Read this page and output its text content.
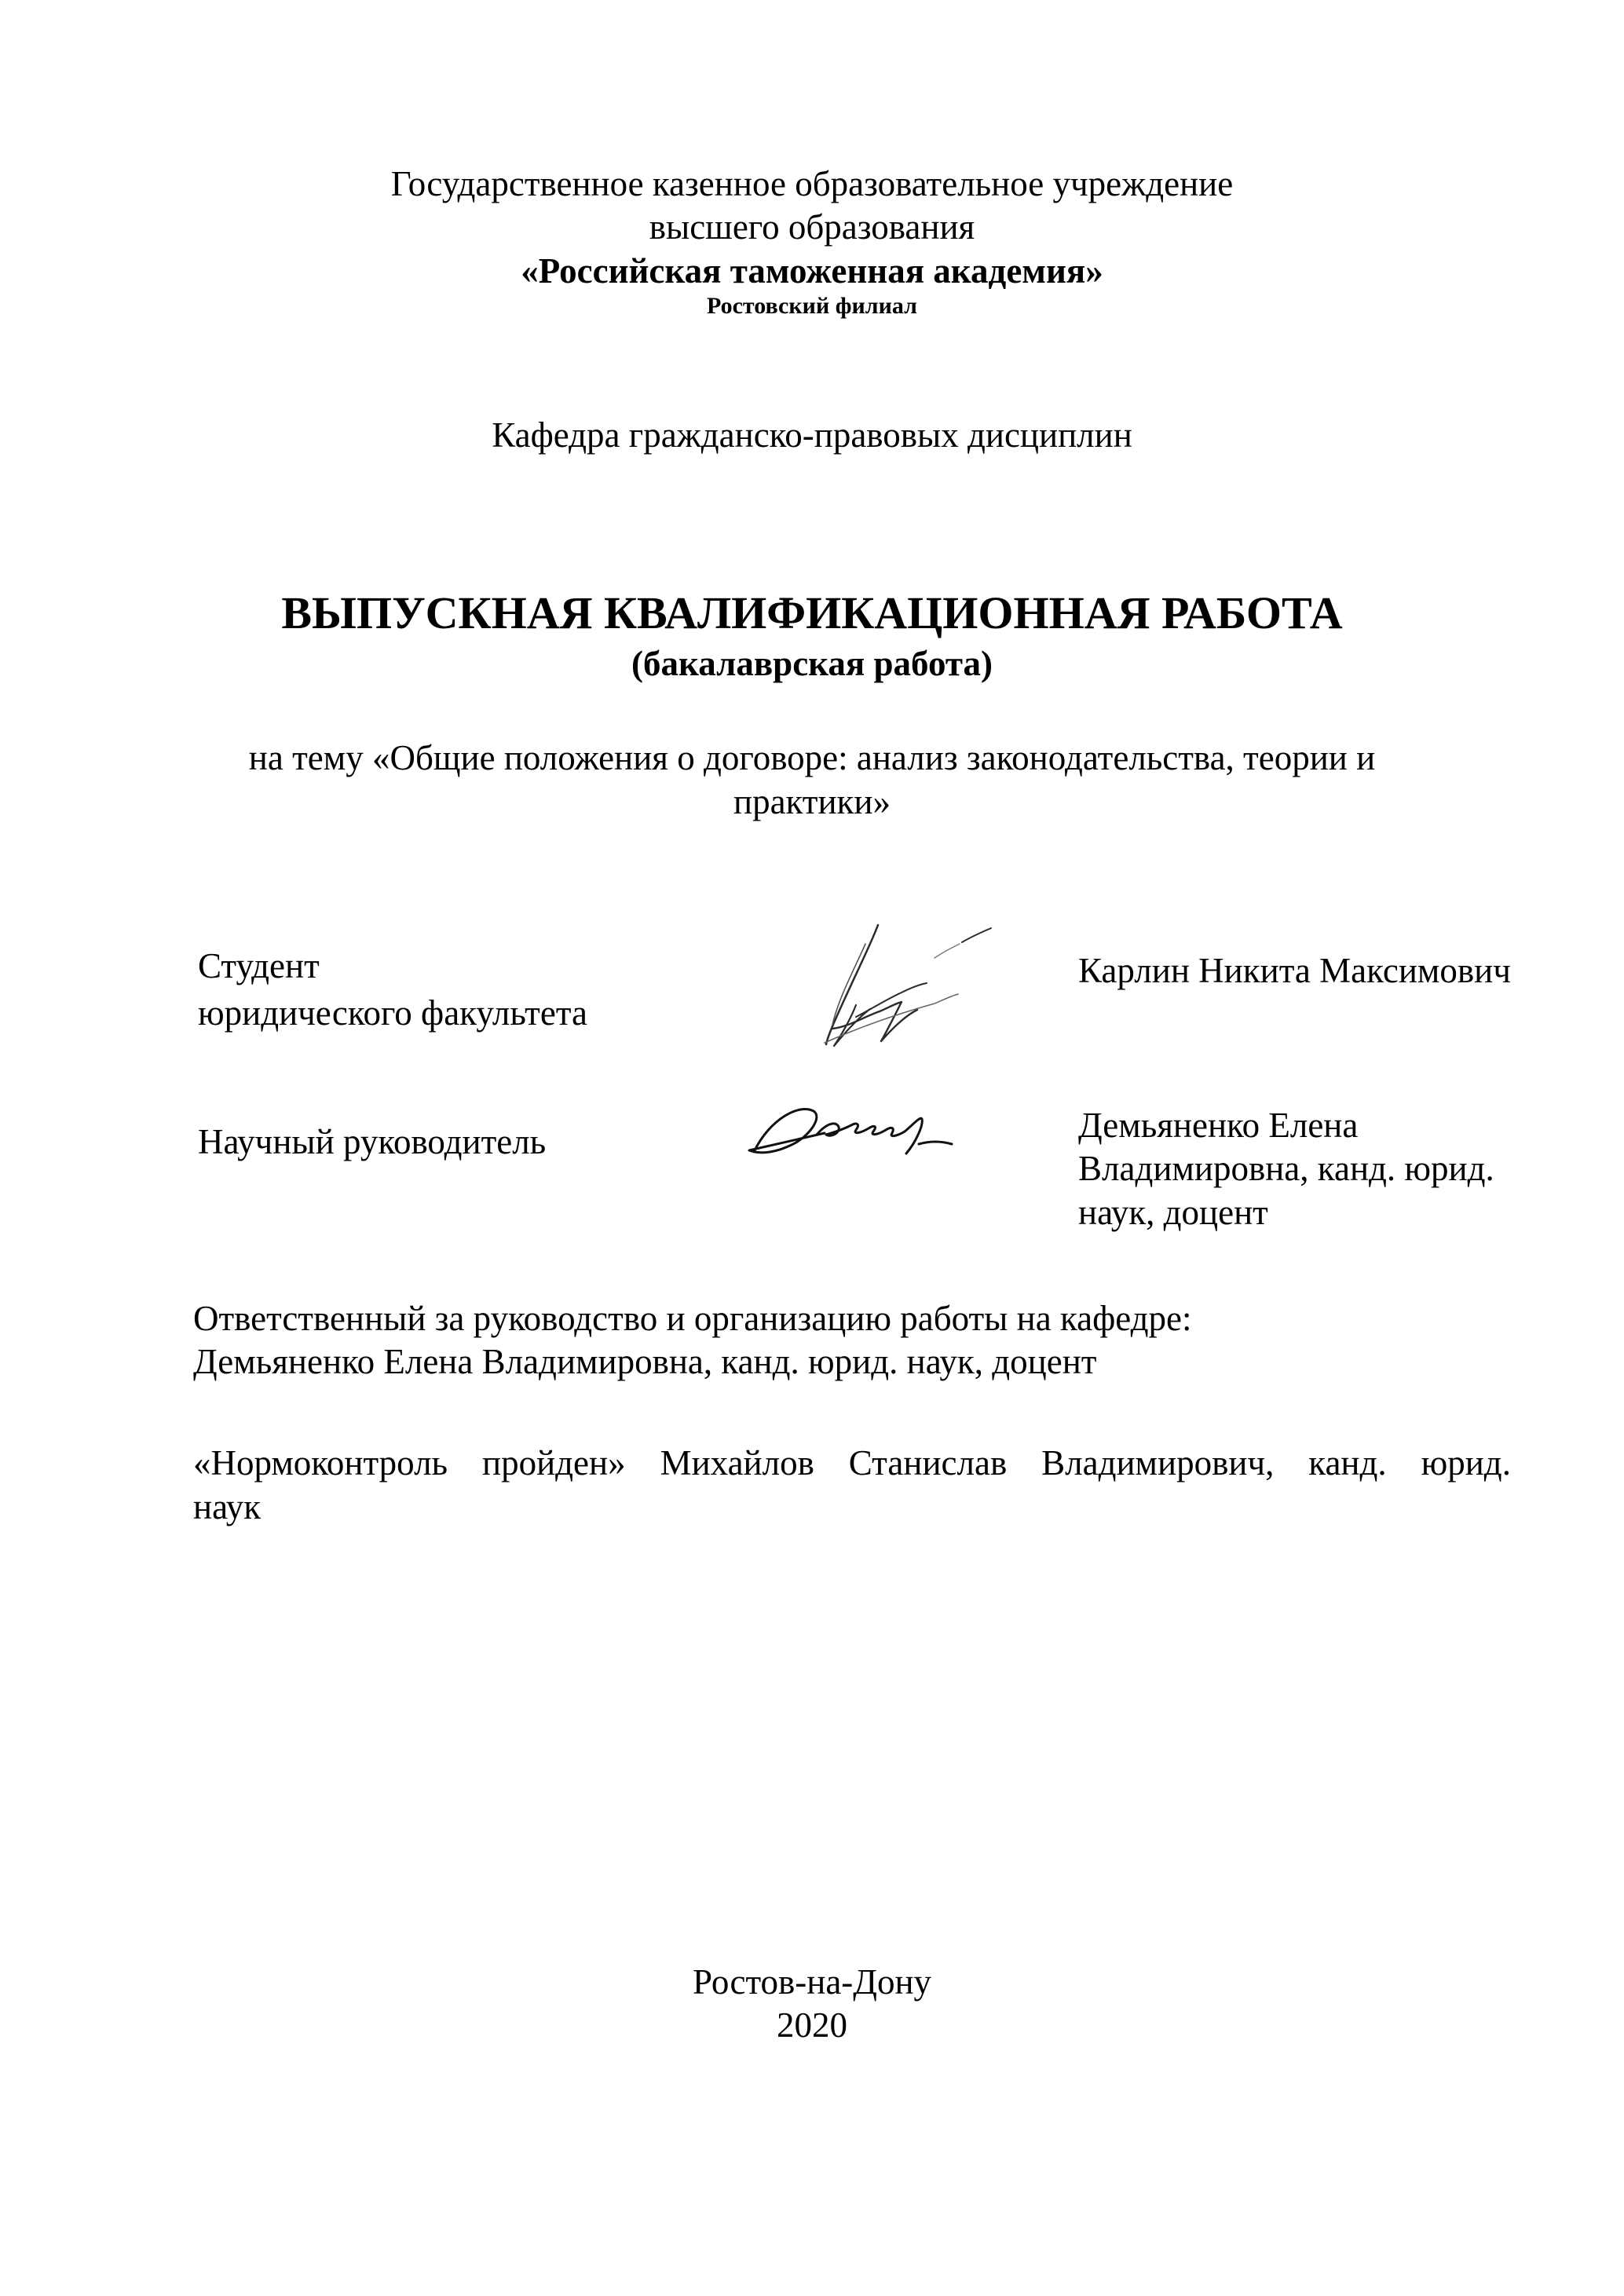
Государственное казенное образовательное учреждение
высшего образования
«Российская таможенная академия»
Ростовский филиал
Кафедра гражданско-правовых дисциплин
ВЫПУСКНАЯ КВАЛИФИКАЦИОННАЯ РАБОТА
(бакалаврская работа)
на тему «Общие положения о договоре: анализ законодательства, теории и
практики»
Студент
юридического факультета
Карлин Никита Максимович
Научный руководитель	Демьяненко Елена
Владимировна, канд. юрид.
наук, доцент
Ответственный за руководство и организацию работы на кафедре:
Демьяненко Елена Владимировна, канд. юрид. наук, доцент
«Нормоконтроль пройден» Михайлов Станислав Владимирович, канд. юрид.
наук
Ростов-на-Дону
2020
